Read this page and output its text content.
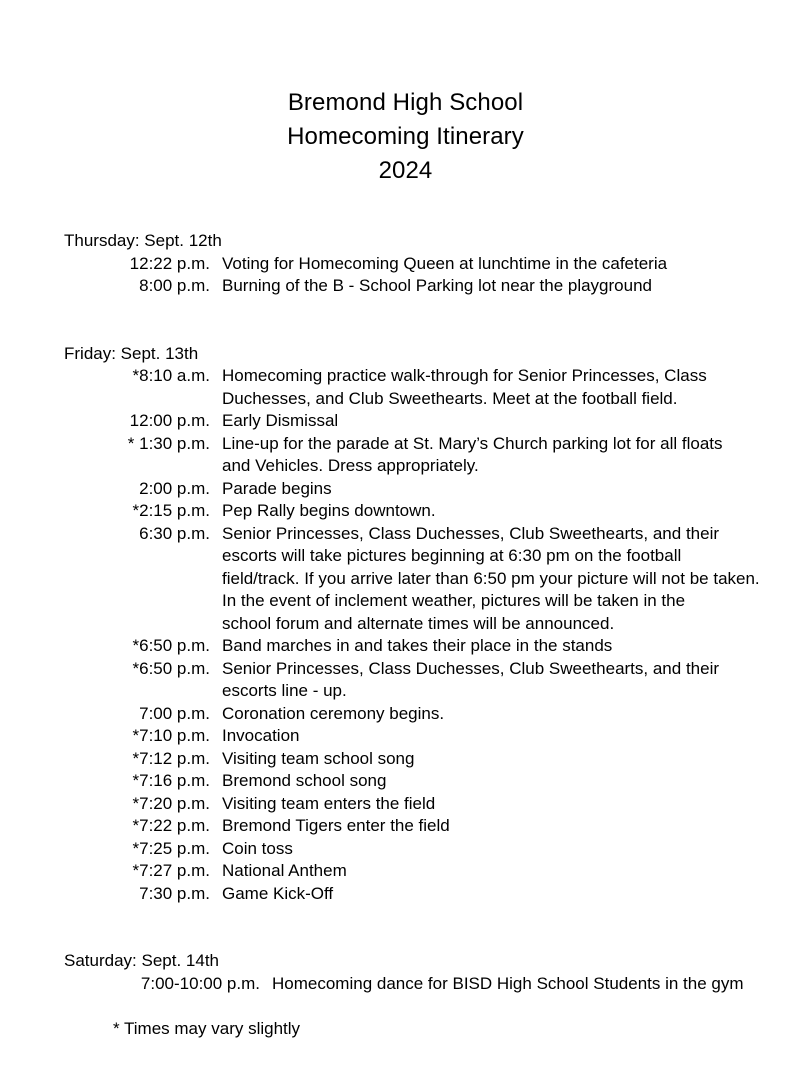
Bremond High School
Homecoming Itinerary
2024
Thursday: Sept. 12th
12:22 p.m. Voting for Homecoming Queen at lunchtime in the cafeteria
8:00 p.m. Burning of the B - School Parking lot near the playground
Friday: Sept. 13th
*8:10 a.m. Homecoming practice walk-through for Senior Princesses, Class
Duchesses, and Club Sweethearts. Meet at the football field.
12:00 p.m. Early Dismissal
* 1:30 p.m. Line-up for the parade at St. Mary’s Church parking lot for all floats
and Vehicles. Dress appropriately.
2:00 p.m. Parade begins
*2:15 p.m. Pep Rally begins downtown.
6:30 p.m. Senior Princesses, Class Duchesses, Club Sweethearts, and their
escorts will take pictures beginning at 6:30 pm on the football
field/track. If you arrive later than 6:50 pm your picture will not be taken.
In the event of inclement weather, pictures will be taken in the
school forum and alternate times will be announced.
*6:50 p.m. Band marches in and takes their place in the stands
*6:50 p.m. Senior Princesses, Class Duchesses, Club Sweethearts, and their
escorts line - up.
7:00 p.m. Coronation ceremony begins.
*7:10 p.m. Invocation
*7:12 p.m. Visiting team school song
*7:16 p.m. Bremond school song
*7:20 p.m. Visiting team enters the field
*7:22 p.m. Bremond Tigers enter the field
*7:25 p.m. Coin toss
*7:27 p.m. National Anthem
7:30 p.m. Game Kick-Off
Saturday: Sept. 14th
7:00-10:00 p.m. Homecoming dance for BISD High School Students in the gym
* Times may vary slightly
